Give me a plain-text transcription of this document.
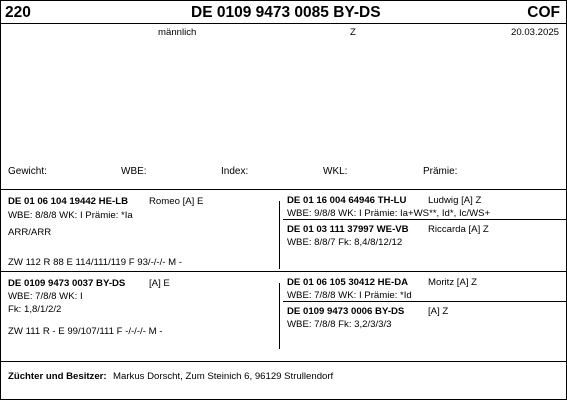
220	DE 0109 9473 0085 BY-DS	COF
männlich	Z	20.03.2025
Gewicht:	WBE:	Index:	WKL:	Prämie:
DE 01 06 104 19442 HE-LB Romeo [A] E
WBE: 8/8/8 WK: I Prämie: *Ia
ARR/ARR
ZW 112 R 88 E 114/111/119 F 93/-/-/- M -
DE 01 16 004 64946 TH-LU Ludwig [A] Z
WBE: 9/8/8 WK: I Prämie: Ia+WS**, Id*, Ic/WS+
DE 01 03 111 37997 WE-VB Riccarda [A] Z
WBE: 8/8/7 Fk: 8,4/8/12/12
DE 0109 9473 0037 BY-DS [A] E
WBE: 7/8/8 WK: I
Fk: 1,8/1/2/2
ZW 111 R - E 99/107/111 F -/-/-/- M -
DE 01 06 105 30412 HE-DA Moritz [A] Z
WBE: 7/8/8 WK: I Prämie: *Id
DE 0109 9473 0006 BY-DS [A] Z
WBE: 7/8/8 Fk: 3,2/3/3/3
Züchter und Besitzer: Markus Dorscht, Zum Steinich 6, 96129 Strullendorf
